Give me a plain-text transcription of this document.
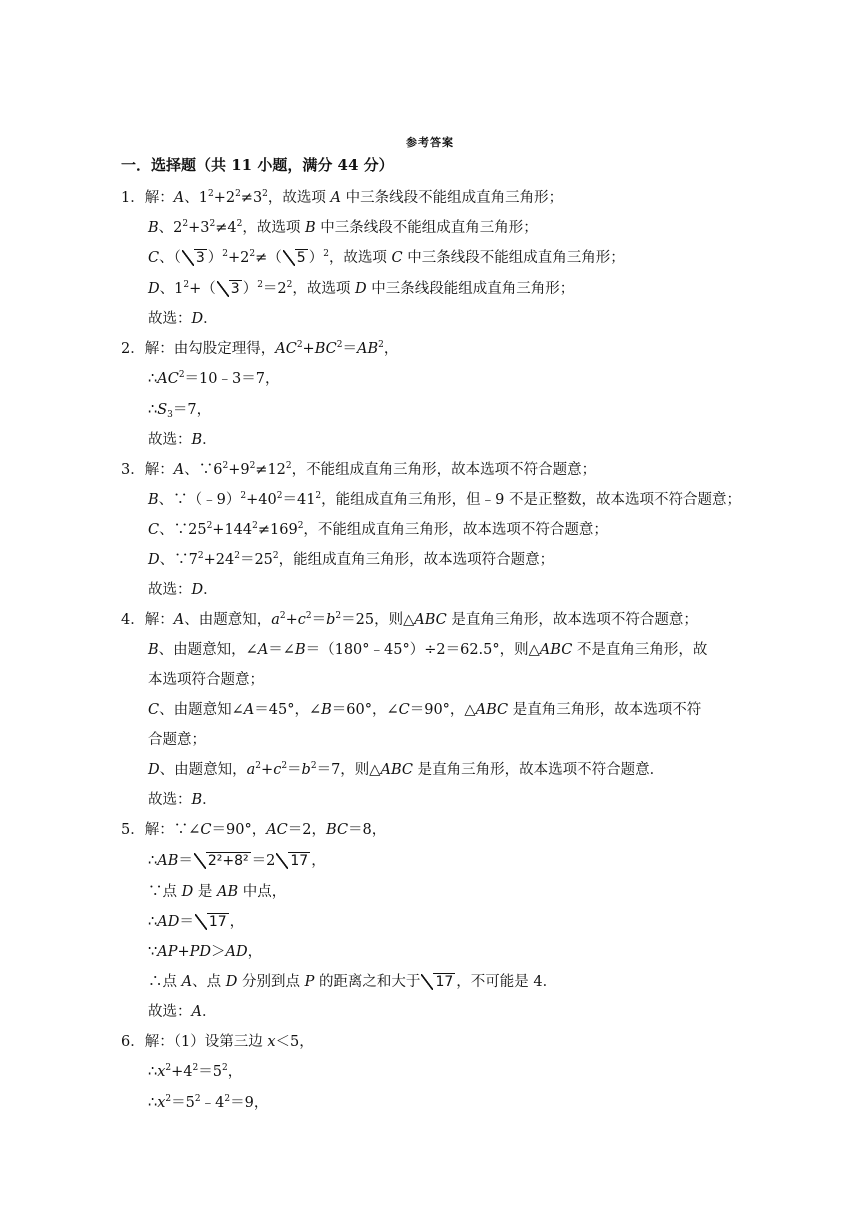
参考答案
一．选择题（共 11 小题，满分 44 分）
1．解：A、$1^2+2^2\ne 3^2$，故选项 A 中三条线段不能组成直角三角形；
B、$2^2+3^2\ne 4^2$，故选项 B 中三条线段不能组成直角三角形；
C、（ 3 ）$^2+2^2\ne$（ 5 ）$^2$，故选项 C 中三条线段不能组成直角三角形；
D、$1^2+$（ 3 ）$^2=2^2$，故选项 D 中三条线段能组成直角三角形；
故选：D．
2．解：由勾股定理得，$AC^2+BC^2=AB^2$，
$\therefore AC^2=10﹣3=7$，
$\therefore S_3=7$，
故选：B．
3．解：A、$\because 6^2+9^2\ne 12^2$，不能组成直角三角形，故本选项不符合题意；
B、$\because(﹣9)^2+40^2=41^2$，能组成直角三角形，但﹣9 不是正整数，故本选项不符合题意；
C、$\because 25^2+144^2\ne 169^2$，不能组成直角三角形，故本选项不符合题意；
D、$\because 7^2+24^2=25^2$，能组成直角三角形，故本选项符合题意；
故选：D．
4．解：A、由题意知，$a^2+c^2=b^2=25$，则△ABC 是直角三角形，故本选项不符合题意；
B、由题意知，∠A＝∠B＝（180°﹣45°）÷2＝62.5°，则△ABC 不是直角三角形，故
本选项符合题意；
C、由题意知∠A＝45°，∠B＝60°，∠C＝90°，△ABC 是直角三角形，故本选项不符
合题意；
D、由题意知，$a^2+c^2=b^2=7$，则△ABC 是直角三角形，故本选项不符合题意．
故选：B．
5．解：∵∠C＝90°，AC＝2，BC＝8，
∴AB＝ 2²+8² ＝2 17 ，
∵点 D 是 AB 中点，
∴AD＝ 17 ，
∵AP+PD＞AD，
∴点 A、点 D 分别到点 P 的距离之和大于 17 ，不可能是 4．
故选：A．
6．解：（1）设第三边 x＜5，
$\therefore x^2+4^2=5^2$，
$\therefore x^2=5^2﹣4^2=9$，
